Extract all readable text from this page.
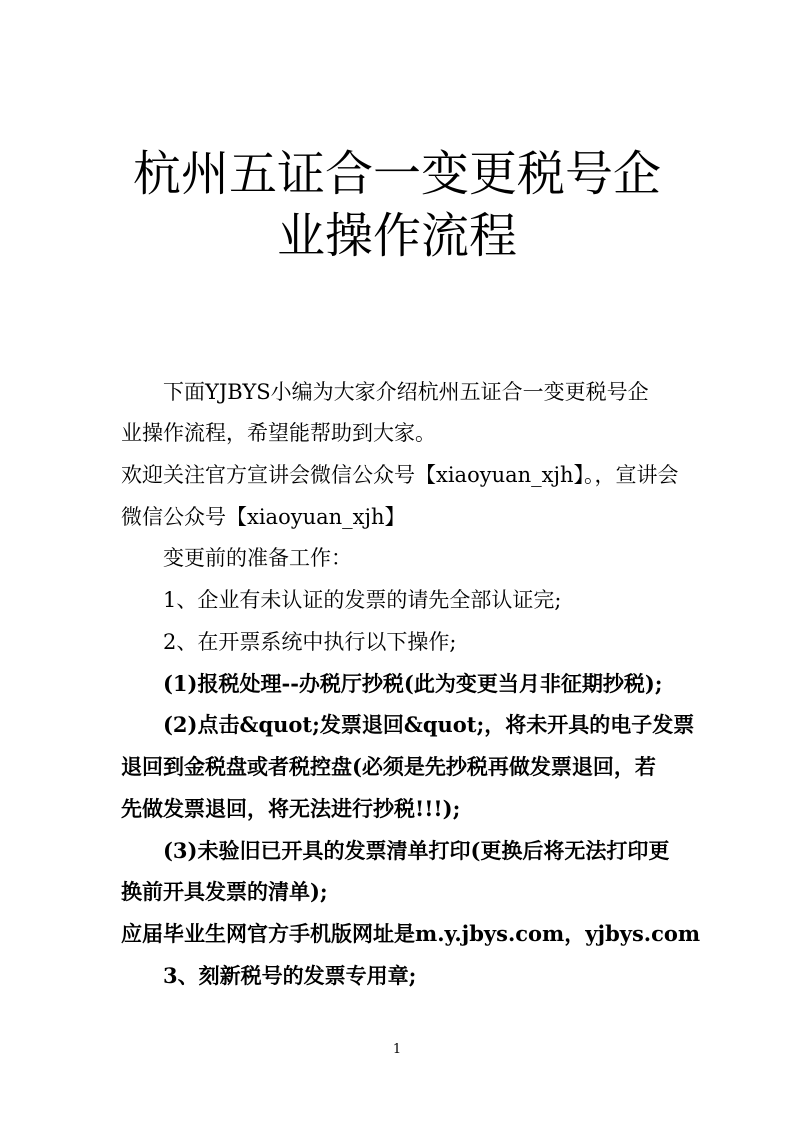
杭州五证合一变更税号企
业操作流程
下面YJBYS小编为大家介绍杭州五证合一变更税号企
业操作流程，希望能帮助到大家。
欢迎关注官方宣讲会微信公众号【xiaoyuan_xjh】。，宣讲会
微信公众号【xiaoyuan_xjh】
变更前的准备工作：
1、企业有未认证的发票的请先全部认证完;
2、在开票系统中执行以下操作;
(1)报税处理--办税厅抄税(此为变更当月非征期抄税);
(2)点击&quot;发票退回&quot;，将未开具的电子发票
退回到金税盘或者税控盘(必须是先抄税再做发票退回，若
先做发票退回，将无法进行抄税!!!);
(3)未验旧已开具的发票清单打印(更换后将无法打印更
换前开具发票的清单);
应届毕业生网官方手机版网址是m.y.jbys.com，yjbys.com
3、刻新税号的发票专用章;
1
